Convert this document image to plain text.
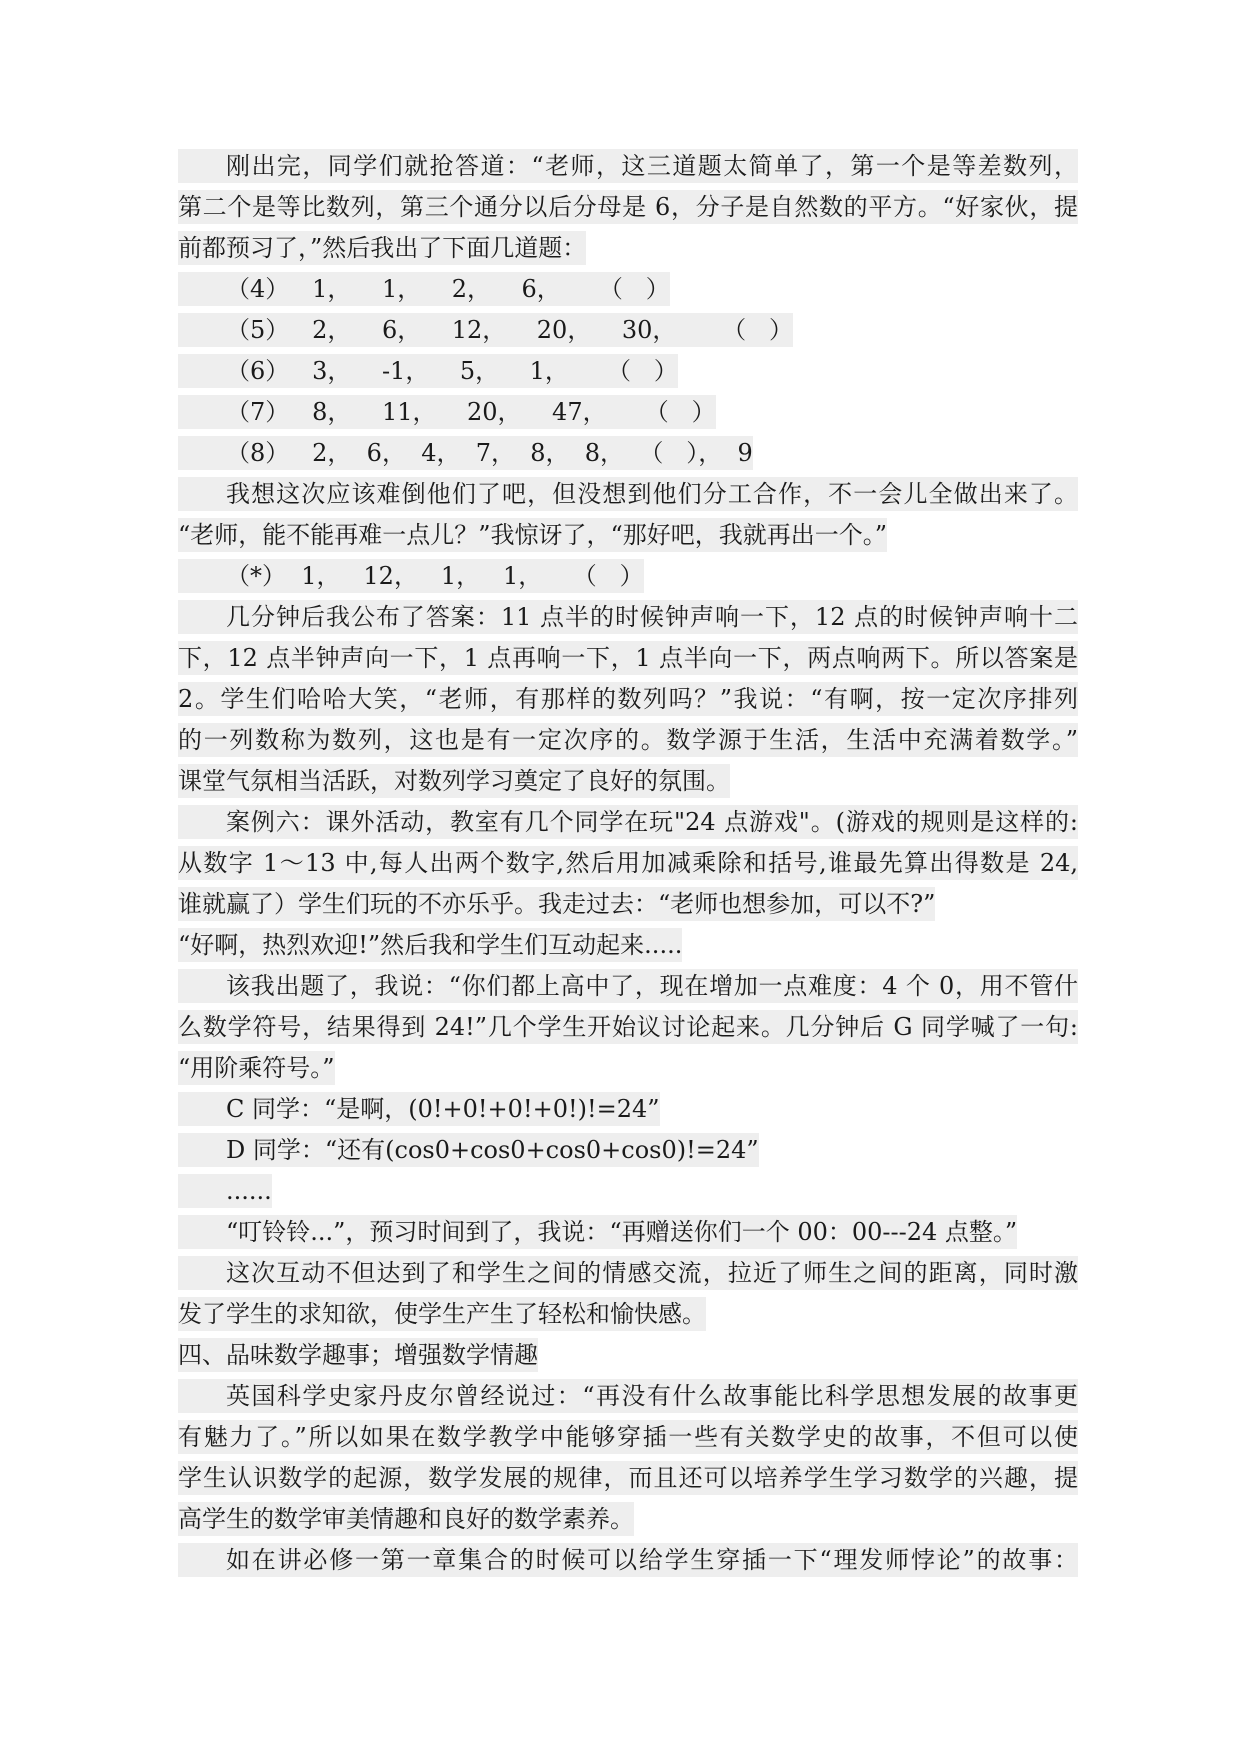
刚出完，同学们就抢答道：“老师，这三道题太简单了，第一个是等差数列，
第二个是等比数列，第三个通分以后分母是 6，分子是自然数的平方。“好家伙，提
前都预习了，”然后我出了下面几道题：
（4）   1，    1，    2，    6，     （   ）
（5）   2，    6，    12，    20，    30，      （   ）
（6）   3，    -1，    5，    1，     （   ）
（7）   8，    11，    20，    47，     （   ）
（8）   2，  6，  4，  7，  8，  8，  （   ），  9
我想这次应该难倒他们了吧，但没想到他们分工合作，不一会儿全做出来了。
“老师，能不能再难一点儿？”我惊讶了，“那好吧，我就再出一个。”
（*）  1，   12，   1，   1，    （   ）
几分钟后我公布了答案：11 点半的时候钟声响一下，12 点的时候钟声响十二
下，12 点半钟声向一下，1 点再响一下，1 点半向一下，两点响两下。所以答案是
2。学生们哈哈大笑，“老师，有那样的数列吗？”我说：“有啊，按一定次序排列
的一列数称为数列，这也是有一定次序的。数学源于生活，生活中充满着数学。”
课堂气氛相当活跃，对数列学习奠定了良好的氛围。
案例六：课外活动，教室有几个同学在玩"24 点游戏"。(游戏的规则是这样的:
从数字 1～13 中,每人出两个数字,然后用加减乘除和括号,谁最先算出得数是 24,
谁就赢了）学生们玩的不亦乐乎。我走过去：“老师也想参加，可以不?”
“好啊，热烈欢迎!”然后我和学生们互动起来.....
该我出题了，我说：“你们都上高中了，现在增加一点难度：4 个 0，用不管什
么数学符号，结果得到 24!”几个学生开始议讨论起来。几分钟后 G 同学喊了一句:
“用阶乘符号。”
C 同学：“是啊，(0!+0!+0!+0!)!=24”
D 同学：“还有(cos0+cos0+cos0+cos0)!=24”
......
“叮铃铃...”，预习时间到了，我说：“再赠送你们一个 00：00---24 点整。”
这次互动不但达到了和学生之间的情感交流，拉近了师生之间的距离，同时激
发了学生的求知欲，使学生产生了轻松和愉快感。
四、品味数学趣事；增强数学情趣
英国科学史家丹皮尔曾经说过：“再没有什么故事能比科学思想发展的故事更
有魅力了。”所以如果在数学教学中能够穿插一些有关数学史的故事，不但可以使
学生认识数学的起源，数学发展的规律，而且还可以培养学生学习数学的兴趣，提
高学生的数学审美情趣和良好的数学素养。
如在讲必修一第一章集合的时候可以给学生穿插一下“理发师悖论”的故事：
